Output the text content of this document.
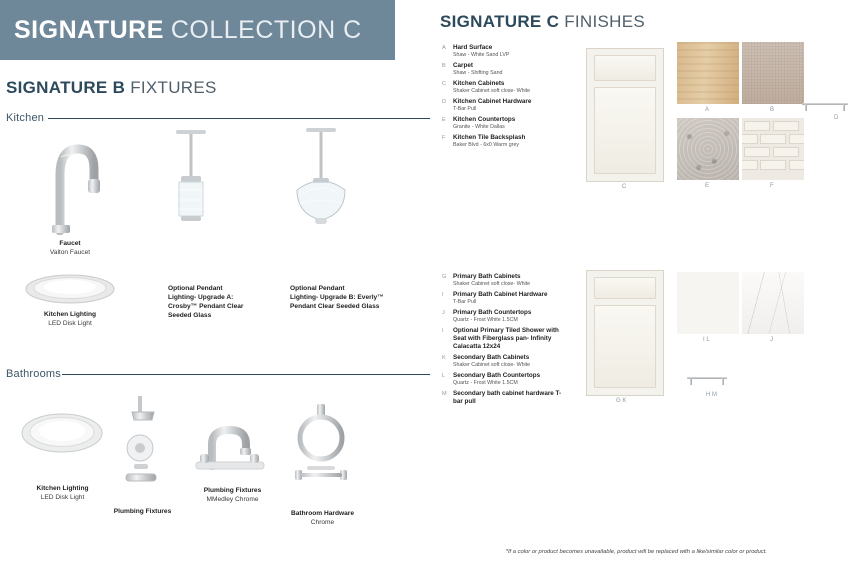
SIGNATURE COLLECTION C
SIGNATURE B FIXTURES
Kitchen
Faucet
Valton Faucet
Kitchen Lighting
LED Disk Light
Optional Pendant
Lighting- Upgrade A: Crosby™ Pendant Clear Seeded Glass
Optional Pendant
Lighting- Upgrade B: Everly™ Pendant Clear Seeded Glass
Bathrooms
Kitchen Lighting
LED Disk Light
Plumbing Fixtures
Plumbing Fixtures
MMedley Chrome
Bathroom Hardware
Chrome
SIGNATURE C FINISHES
A	Hard Surface
Shaw - White Sand LVP
B	Carpet
Shaw - Shifting Sand
C	Kitchen Cabinets
Shaker Cabinet soft close- White
D	Kitchen Cabinet Hardware
T-Bar Pull
E	Kitchen Countertops
Granite - White Dallas
F	Kitchen Tile Backsplash
Baker Blvd - 6x0 Warm grey
C
A	B
D
E	F
G	Primary Bath Cabinets
Shaker Cabinet soft close- White
I	Primary Bath Cabinet Hardware
T-Bar Pull
J	Primary Bath Countertops
Quartz - Frost White 1.5CM
I	Optional Primary Tiled Shower with Seat with Fiberglass pan- Infinity Calacatta 12x24
K	Secondary Bath Cabinets
Shaker Cabinet soft close- White
L	Secondary Bath Countertops
Quartz - Frost White 1.5CM
M	Secondary bath cabinet hardware T-bar pull	G K
I L	J
H M
*If a color or product becomes unavailable, product will be replaced with a like/similar color or product.
